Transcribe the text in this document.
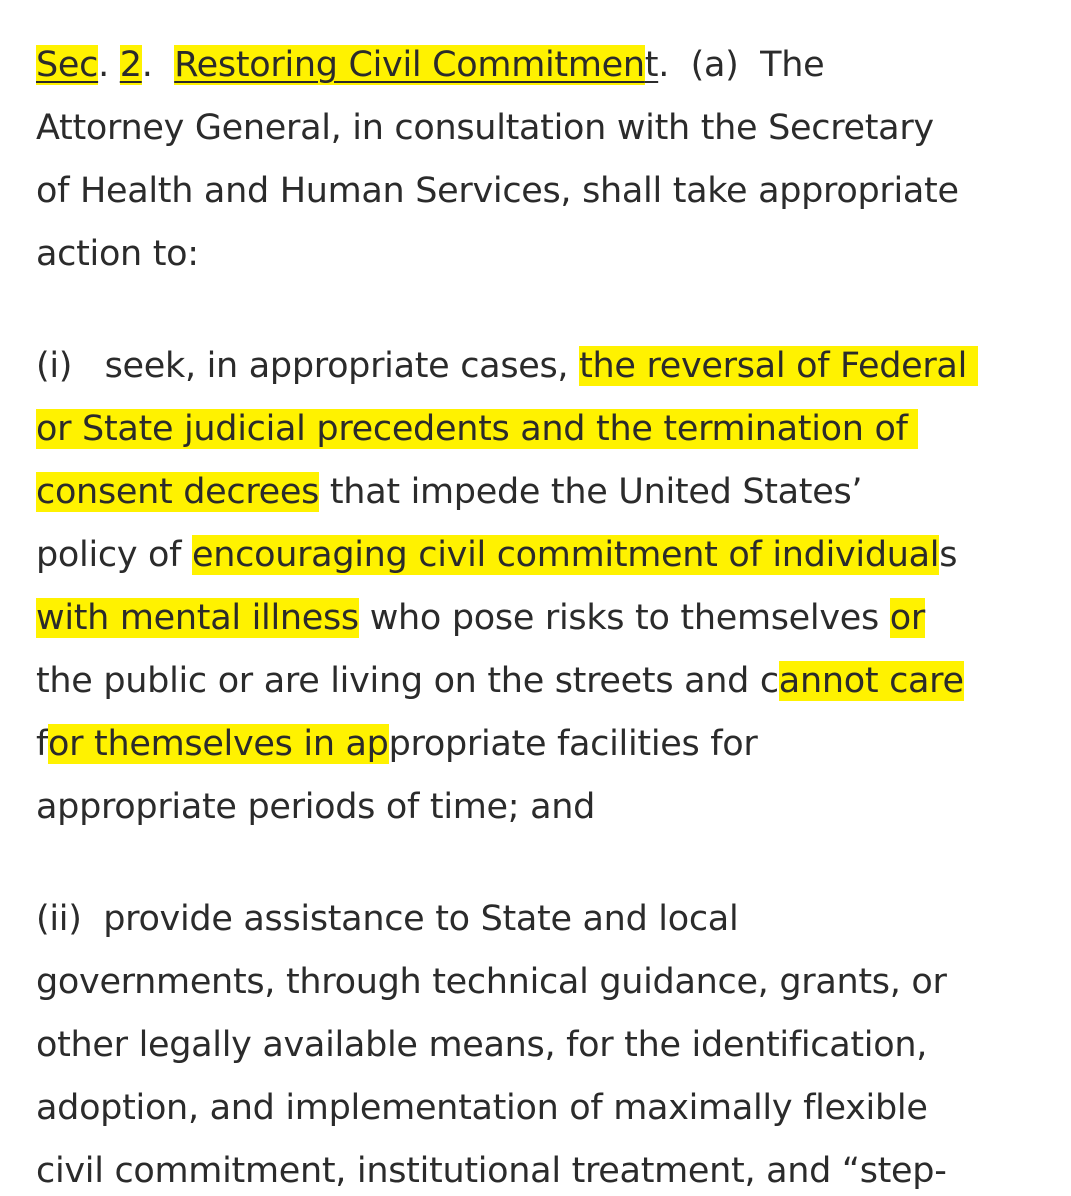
Sec. 2.  Restoring Civil Commitment.  (a)  The
Attorney General, in consultation with the Secretary
of Health and Human Services, shall take appropriate
action to:
(i)   seek, in appropriate cases, the reversal of Federal
or State judicial precedents and the termination of
consent decrees that impede the United States’
policy of encouraging civil commitment of individuals
with mental illness who pose risks to themselves or
the public or are living on the streets and cannot care
for themselves in appropriate facilities for
appropriate periods of time; and
(ii)  provide assistance to State and local
governments, through technical guidance, grants, or
other legally available means, for the identification,
adoption, and implementation of maximally flexible
civil commitment, institutional treatment, and “step-
